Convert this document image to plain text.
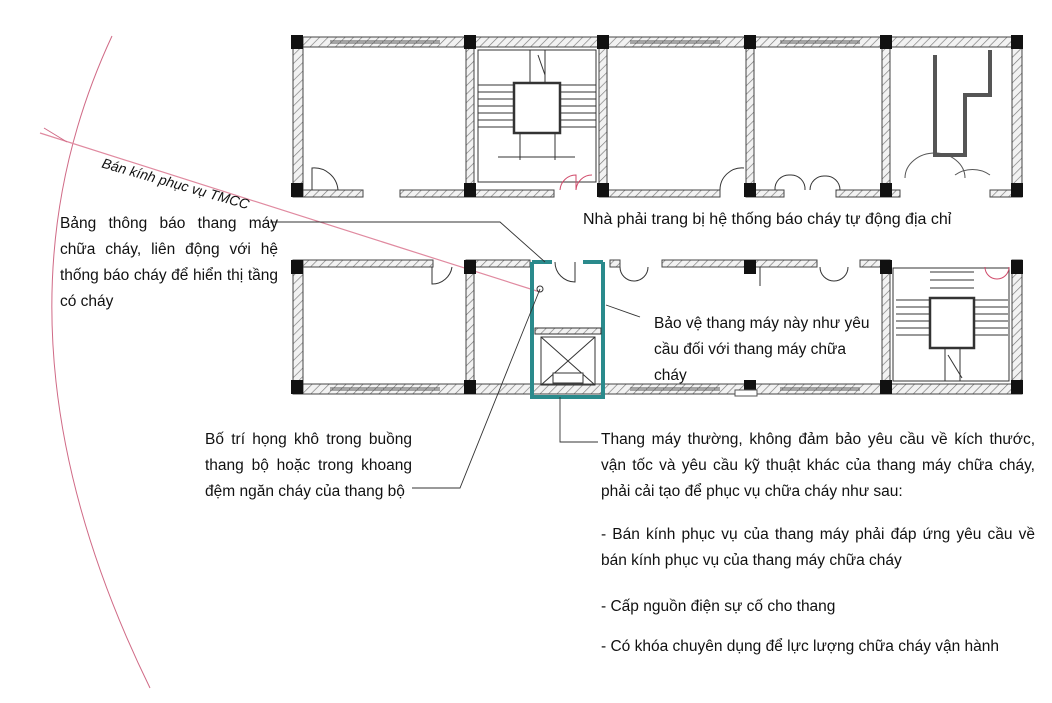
Bán kính phục vụ TMCC
Bảng thông báo thang máy chữa cháy, liên động với hệ thống báo cháy để hiển thị tầng có cháy
Bố trí họng khô trong buồng thang bộ hoặc trong khoang đệm ngăn cháy của thang bộ
Nhà phải trang bị hệ thống báo cháy tự động địa chỉ
Bảo vệ thang máy này như yêu cầu đối với thang máy chữa cháy
Thang máy thường, không đảm bảo yêu cầu về kích thước, vận tốc và yêu cầu kỹ thuật khác của thang máy chữa cháy, phải cải tạo để phục vụ chữa cháy như sau:
- Bán kính phục vụ của thang máy phải đáp ứng yêu cầu về bán kính phục vụ của thang máy chữa cháy
- Cấp nguồn điện sự cố cho thang
- Có khóa chuyên dụng để lực lượng chữa cháy vận hành
